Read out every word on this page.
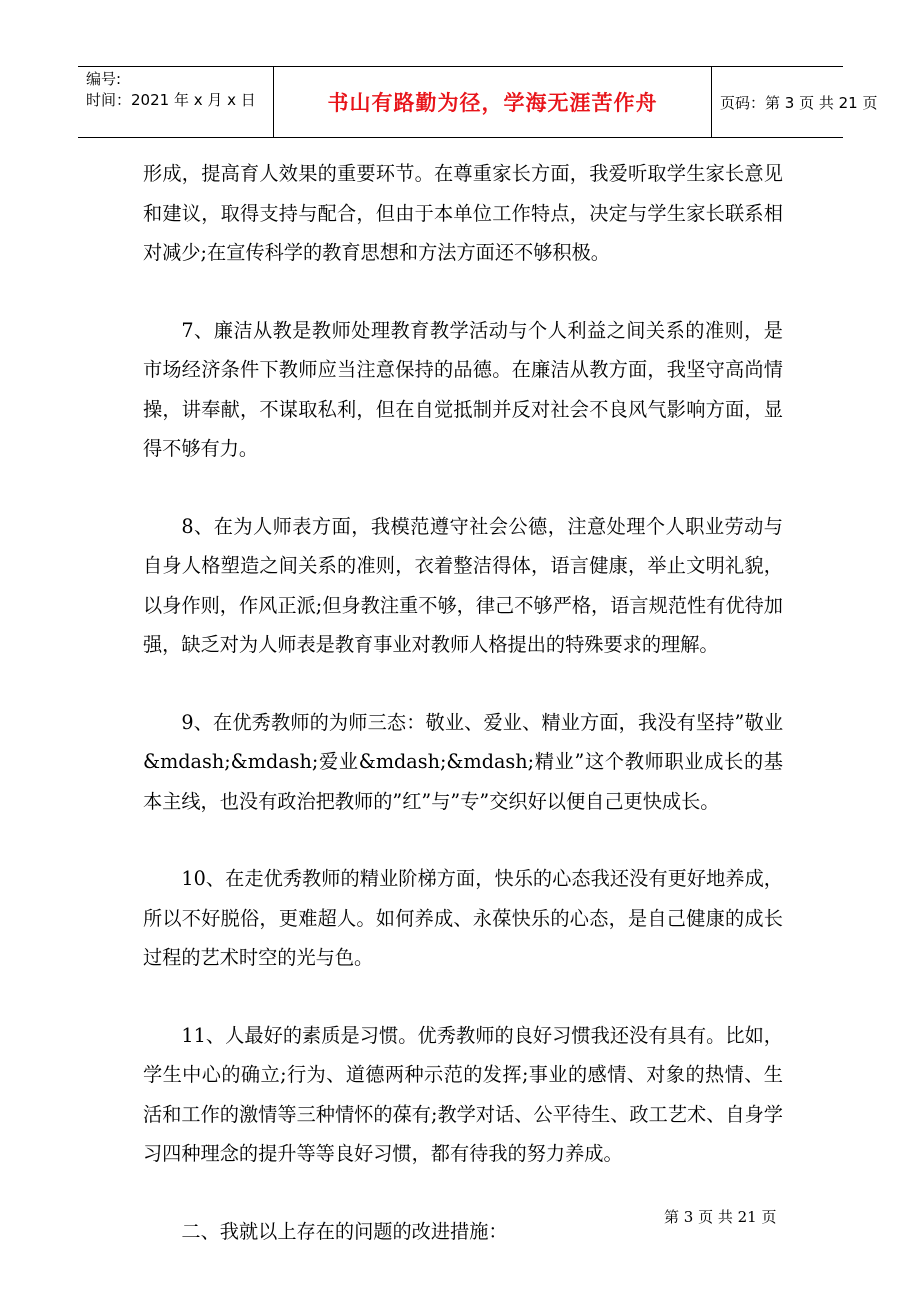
编号:
时间：2021 年 x 月 x 日	书山有路勤为径，学海无涯苦作舟	页码：第 3 页 共 21 页

形成，提高育人效果的重要环节。在尊重家长方面，我爱听取学生家长意见和建议，取得支持与配合，但由于本单位工作特点，决定与学生家长联系相对减少;在宣传科学的教育思想和方法方面还不够积极。

7、廉洁从教是教师处理教育教学活动与个人利益之间关系的准则，是市场经济条件下教师应当注意保持的品德。在廉洁从教方面，我坚守高尚情操，讲奉献，不谋取私利，但在自觉抵制并反对社会不良风气影响方面，显得不够有力。

8、在为人师表方面，我模范遵守社会公德，注意处理个人职业劳动与自身人格塑造之间关系的准则，衣着整洁得体，语言健康，举止文明礼貌，以身作则，作风正派;但身教注重不够，律己不够严格，语言规范性有优待加强，缺乏对为人师表是教育事业对教师人格提出的特殊要求的理解。

9、在优秀教师的为师三态：敬业、爱业、精业方面，我没有坚持”敬业&mdash;&mdash;爱业&mdash;&mdash;精业”这个教师职业成长的基本主线，也没有政治把教师的”红”与”专”交织好以便自己更快成长。

10、在走优秀教师的精业阶梯方面，快乐的心态我还没有更好地养成，所以不好脱俗，更难超人。如何养成、永葆快乐的心态，是自己健康的成长过程的艺术时空的光与色。

11、人最好的素质是习惯。优秀教师的良好习惯我还没有具有。比如，学生中心的确立;行为、道德两种示范的发挥;事业的感情、对象的热情、生活和工作的激情等三种情怀的葆有;教学对话、公平待生、政工艺术、自身学习四种理念的提升等等良好习惯，都有待我的努力养成。

二、我就以上存在的问题的改进措施：

第 3 页 共 21 页
